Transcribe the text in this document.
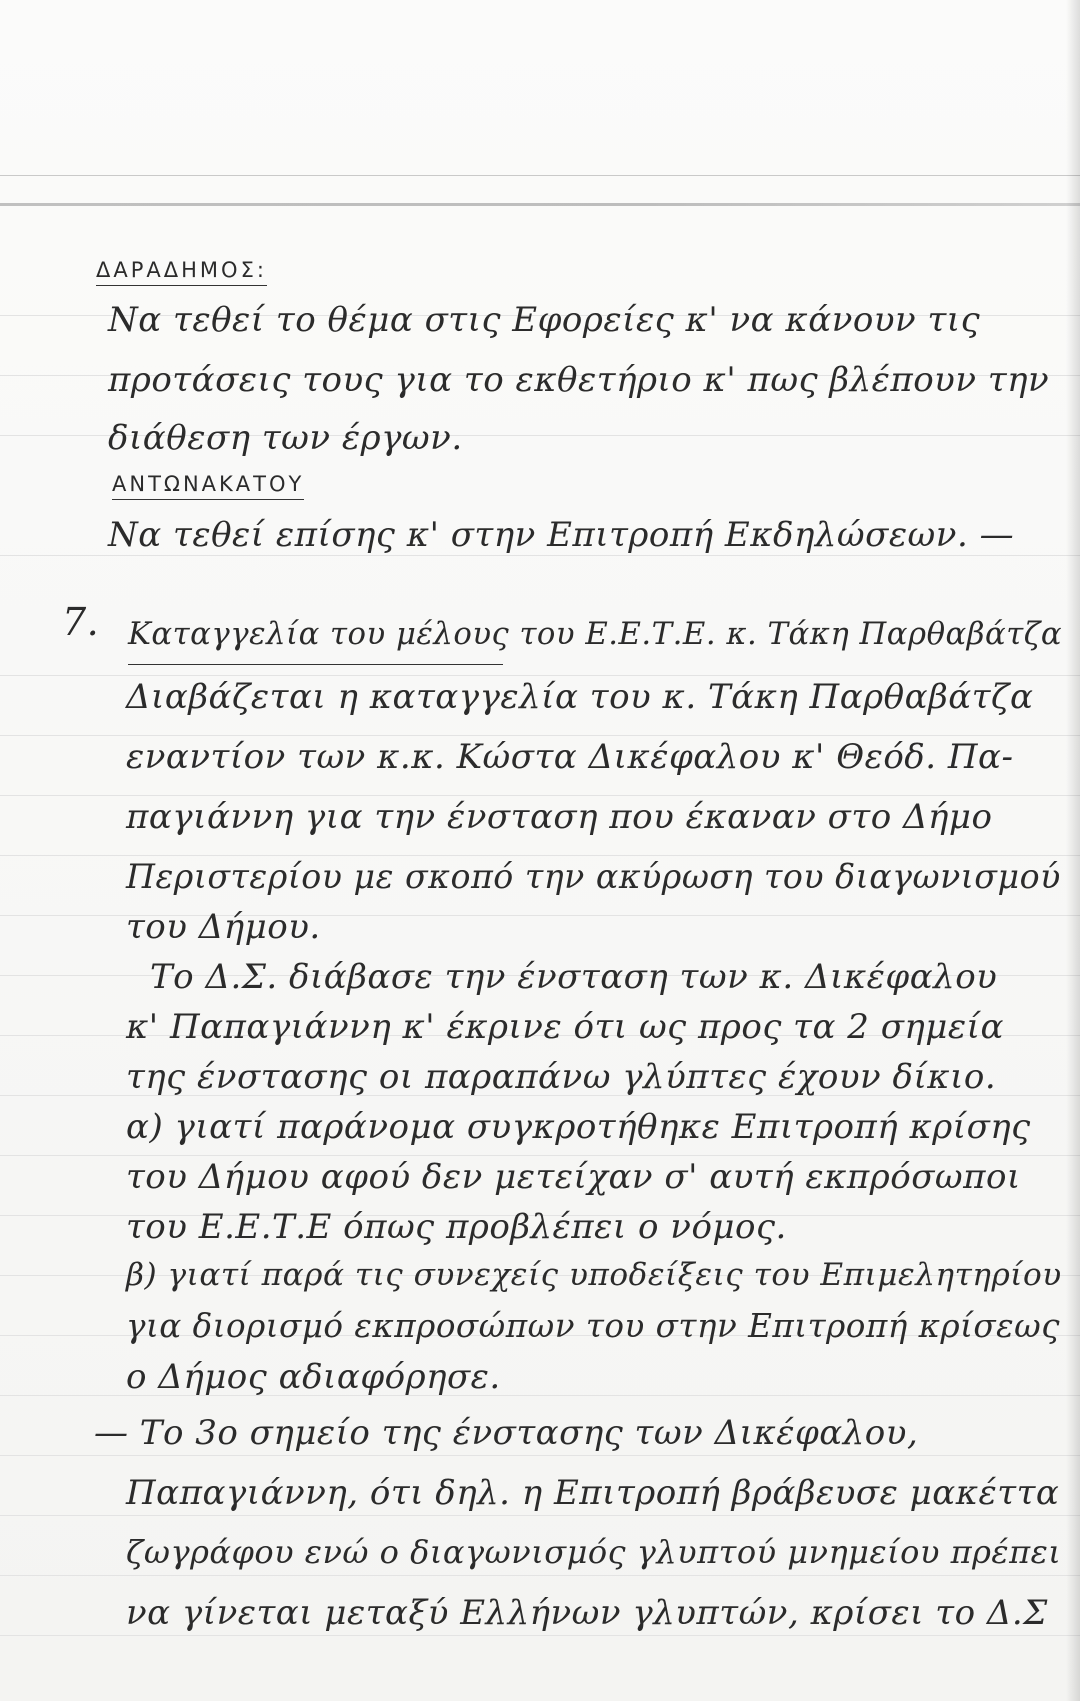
ΔΑΡΑΔΗΜΟΣ:
Να τεθεί το θέμα στις Εφορείες κ' να κάνουν τις
προτάσεις τους για το εκθετήριο κ' πως βλέπουν την
διάθεση των έργων.
ΑΝΤΩΝΑΚΑΤΟΥ
Να τεθεί επίσης κ' στην Επιτροπή Εκδηλώσεων. —
7. Καταγγελία του μέλους του Ε.Ε.Τ.Ε. κ. Τάκη Παρθαβάτζα
Διαβάζεται η καταγγελία του κ. Τάκη Παρθαβάτζα
εναντίον των κ.κ. Κώστα Δικέφαλου κ' Θεόδ. Πα-
παγιάννη για την ένσταση που έκαναν στο Δήμο
Περιστερίου με σκοπό την ακύρωση του διαγωνισμού
του Δήμου.
Το Δ.Σ. διάβασε την ένσταση των κ. Δικέφαλου
κ' Παπαγιάννη κ' έκρινε ότι ως προς τα 2 σημεία
της ένστασης οι παραπάνω γλύπτες έχουν δίκιο.
α) γιατί παράνομα συγκροτήθηκε Επιτροπή κρίσης
του Δήμου αφού δεν μετείχαν σ' αυτή εκπρόσωποι
του Ε.Ε.Τ.Ε όπως προβλέπει ο νόμος.
β) γιατί παρά τις συνεχείς υποδείξεις του Επιμελητηρίου
για διορισμό εκπροσώπων του στην Επιτροπή κρίσεως
ο Δήμος αδιαφόρησε.
— Το 3ο σημείο της ένστασης των Δικέφαλου,
Παπαγιάννη, ότι δηλ. η Επιτροπή βράβευσε μακέττα
ζωγράφου ενώ ο διαγωνισμός γλυπτού μνημείου πρέπει
να γίνεται μεταξύ Ελλήνων γλυπτών, κρίσει το Δ.Σ
